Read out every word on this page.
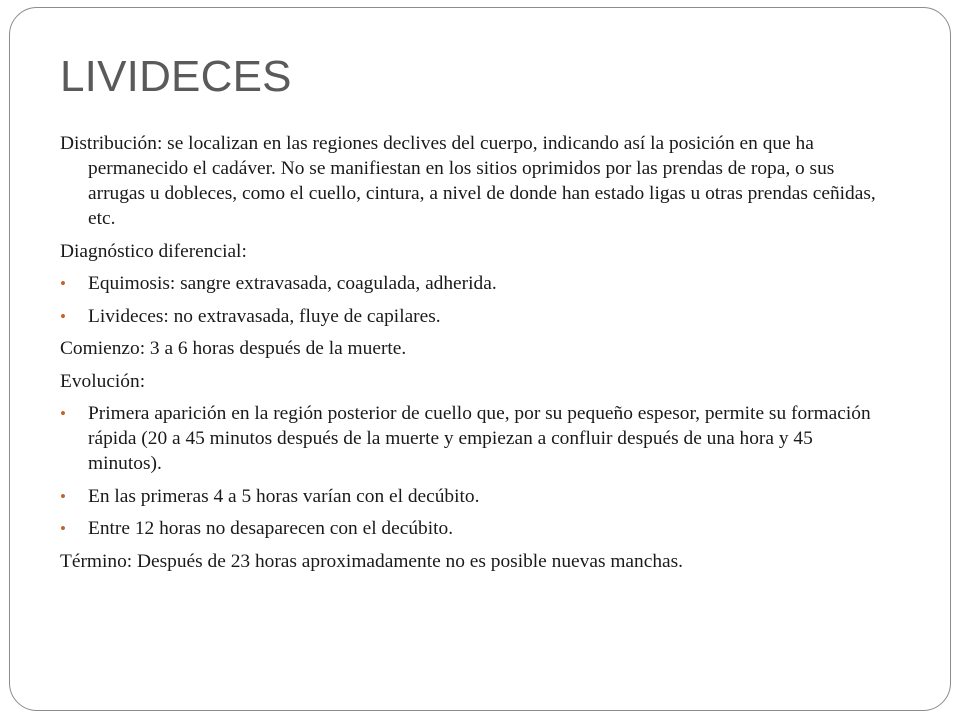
LIVIDECES

Distribución: se localizan en las regiones declives del cuerpo, indicando así la posición en que ha permanecido el cadáver. No se manifiestan en los sitios oprimidos por las prendas de ropa, o sus arrugas u dobleces, como el cuello, cintura, a nivel de donde han estado ligas u otras prendas ceñidas, etc.

Diagnóstico diferencial:

• Equimosis: sangre extravasada, coagulada, adherida.
• Livideces: no extravasada, fluye de capilares.

Comienzo: 3 a 6 horas después de la muerte.

Evolución:

• Primera aparición en la región posterior de cuello que, por su pequeño espesor, permite su formación rápida (20 a 45 minutos después de la muerte y empiezan a confluir después de una hora y 45 minutos).
• En las primeras 4 a 5 horas varían con el decúbito.
• Entre 12 horas no desaparecen con el decúbito.

Término: Después de 23 horas aproximadamente no es posible nuevas manchas.
